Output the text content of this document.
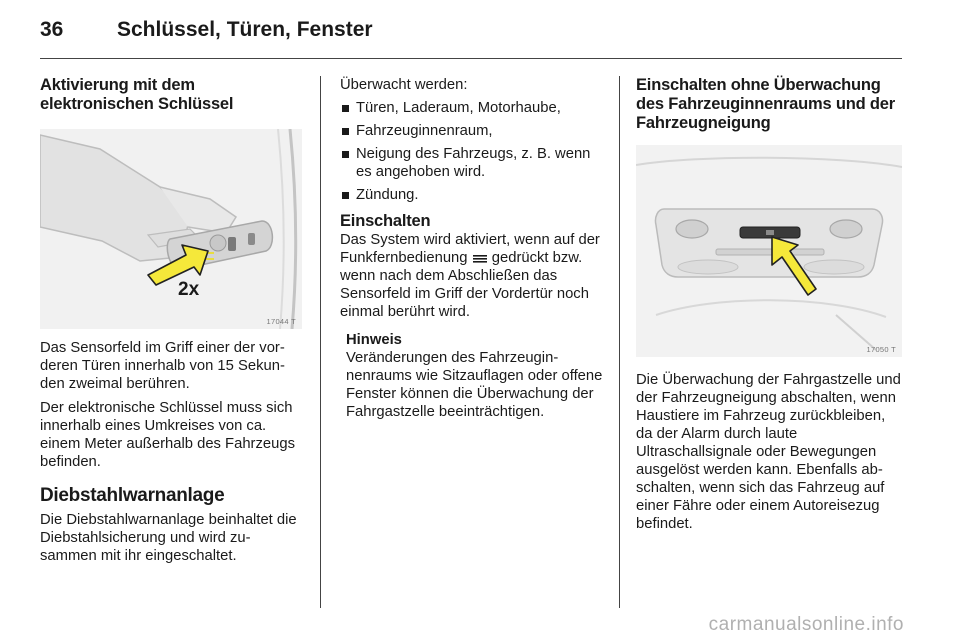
36	Schlüssel, Türen, Fenster
Aktivierung mit dem elektronischen Schlüssel
2x
17044 T

Das Sensorfeld im Griff einer der vorderen Türen innerhalb von 15 Sekunden zweimal berühren.

Der elektronische Schlüssel muss sich innerhalb eines Umkreises von ca. einem Meter außerhalb des Fahrzeugs befinden.

Diebstahlwarnanlage

Die Diebstahlwarnanlage beinhaltet die Diebstahlsicherung und wird zusammen mit ihr eingeschaltet.

Überwacht werden:

Türen, Laderaum, Motorhaube,
Fahrzeuginnenraum,
Neigung des Fahrzeugs, z. B. wenn es angehoben wird.
Zündung.
Einschalten

Das System wird aktiviert, wenn auf der Funkfernbedienung gedrückt bzw. wenn nach dem Abschließen das Sensorfeld im Griff der Vordertür noch einmal berührt wird.

Hinweis

Veränderungen des Fahrzeuginnenraums wie Sitzauflagen oder offene Fenster können die Überwachung der Fahrgastzelle beeinträchtigen.

Einschalten ohne Überwachung des Fahrzeuginnenraums und der Fahrzeugneigung
17050 T

Die Überwachung der Fahrgastzelle und der Fahrzeugneigung abschalten, wenn Haustiere im Fahrzeug zurückbleiben, da der Alarm durch laute Ultraschallsignale oder Bewegungen ausgelöst werden kann. Ebenfalls abschalten, wenn sich das Fahrzeug auf einer Fähre oder einem Autoreisezug befindet.

carmanualsonline.info
